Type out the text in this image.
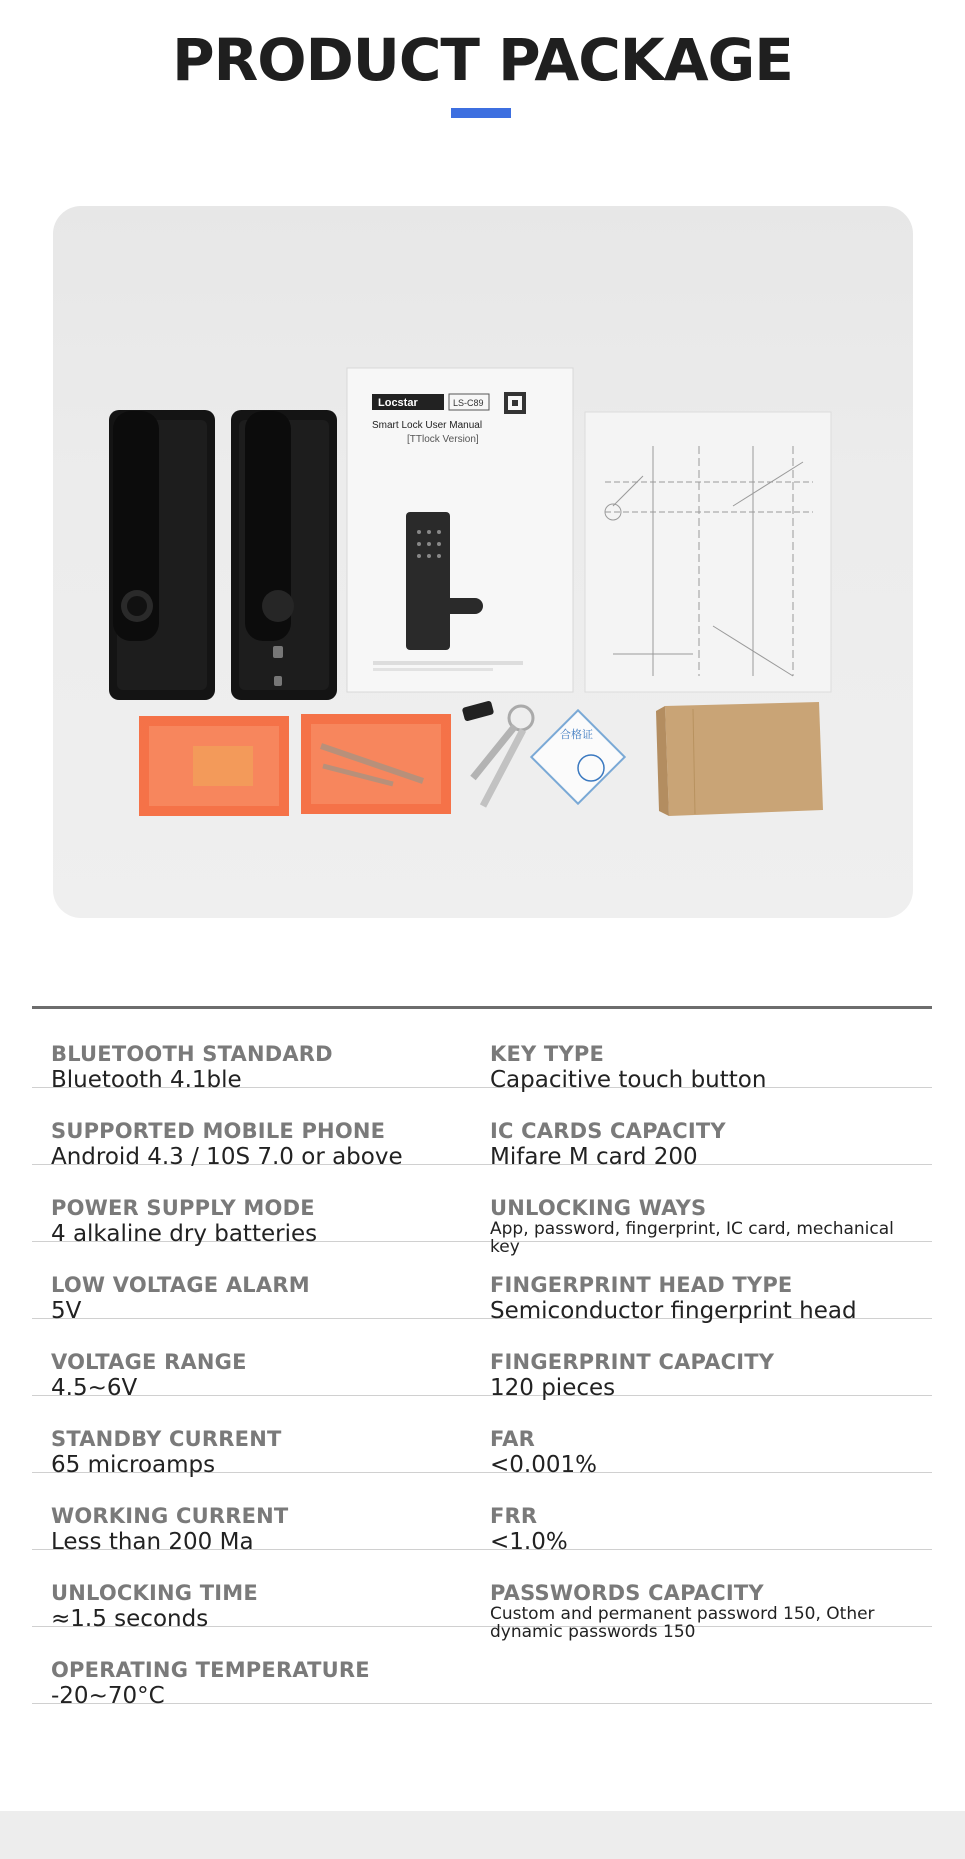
PRODUCT PACKAGE
Locstar	LS-C89
Smart Lock User Manual
[TTlock Version]
合格证
BLUETOOTH STANDARD
Bluetooth 4.1ble
KEY TYPE
Capacitive touch button
SUPPORTED MOBILE PHONE
Android 4.3 / 10S 7.0 or above
IC CARDS CAPACITY
Mifare M card 200
POWER SUPPLY MODE
4 alkaline dry batteries
UNLOCKING WAYS
App, password, fingerprint, IC card, mechanical key
LOW VOLTAGE ALARM
5V
FINGERPRINT HEAD TYPE
Semiconductor fingerprint head
VOLTAGE RANGE
4.5~6V
FINGERPRINT CAPACITY
120 pieces
STANDBY CURRENT
65 microamps
FAR
<0.001%
WORKING CURRENT
Less than 200 Ma
FRR
<1.0%
UNLOCKING TIME
≈1.5 seconds
PASSWORDS CAPACITY
Custom and permanent password 150, Other dynamic passwords 150
OPERATING TEMPERATURE
-20~70°C
